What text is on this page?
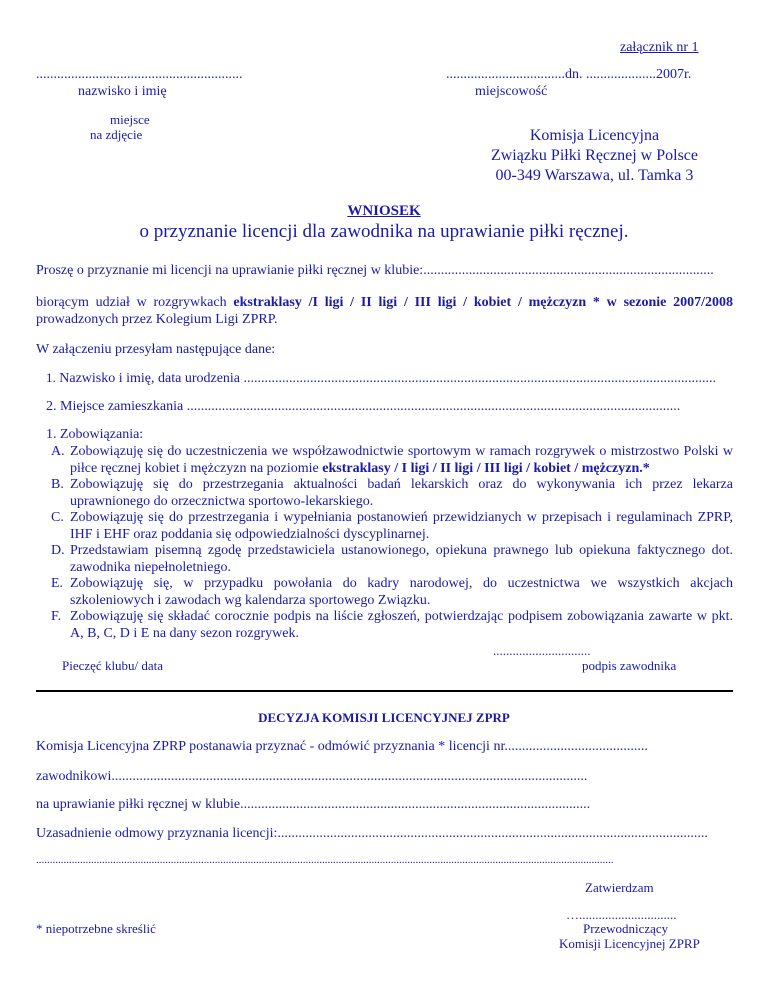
załącznik nr 1
...........................................................
nazwisko i imię
..................................dn. ....................2007r.
miejscowość
miejsce
na zdjęcie	Komisja Licencyjna
Związku Piłki Ręcznej w Polsce
00-349 Warszawa, ul. Tamka 3
WNIOSEK
o przyznanie licencji dla zawodnika na uprawianie piłki ręcznej.
Proszę o przyznanie mi licencji na uprawianie piłki ręcznej w klubie:...................................................................................
biorącym udział w rozgrywkach ekstraklasy /I ligi / II ligi / III ligi / kobiet / mężczyzn * w sezonie 2007/2008 prowadzonych przez Kolegium Ligi ZPRP.
W załączeniu przesyłam następujące dane:
1. Nazwisko i imię, data urodzenia .......................................................................................................................................
2. Miejsce zamieszkania .............................................................................................................................................
1. Zobowiązania:
A. Zobowiązuję się do uczestniczenia we współzawodnictwie sportowym w ramach rozgrywek o mistrzostwo Polski w piłce ręcznej kobiet i mężczyzn na poziomie ekstraklasy / I ligi / II ligi / III ligi / kobiet / mężczyzn.*
B. Zobowiązuję się do przestrzegania aktualności badań lekarskich oraz do wykonywania ich przez lekarza uprawnionego do orzecznictwa sportowo-lekarskiego.
C. Zobowiązuję się do przestrzegania i wypełniania postanowień przewidzianych w przepisach i regulaminach ZPRP, IHF i EHF oraz poddania się odpowiedzialności dyscyplinarnej.
D. Przedstawiam pisemną zgodę przedstawiciela ustanowionego, opiekuna prawnego lub opiekuna faktycznego dot. zawodnika niepełnoletniego.
E. Zobowiązuję się, w przypadku powołania do kadry narodowej, do uczestnictwa we wszystkich akcjach szkoleniowych i zawodach wg kalendarza sportowego Związku.
F. Zobowiązuję się składać corocznie podpis na liście zgłoszeń, potwierdzając podpisem zobowiązania zawarte w pkt. A, B, C, D i E na dany sezon rozgrywek.
..............................
Pieczęć klubu/ data	podpis zawodnika
DECYZJA KOMISJI LICENCYJNEJ ZPRP
Komisja Licencyjna ZPRP postanawia przyznać - odmówić przyznania * licencji nr.........................................
zawodnikowi........................................................................................................................................
na uprawianie piłki ręcznej w klubie....................................................................................................
Uzasadnienie odmowy przyznania licencji:...........................................................................................................................
..................................................................................................................................................................................................................
Zatwierdzam
…..............................
* niepotrzebne skreślić	Przewodniczący
Komisji Licencyjnej ZPRP
